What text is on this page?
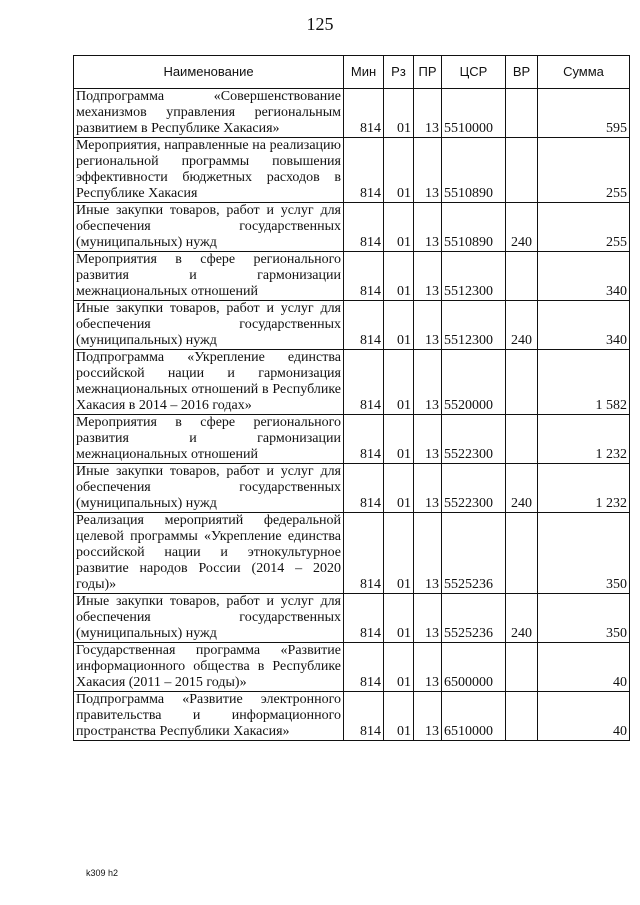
125
Наименование	Мин	Рз	ПР	ЦСР	ВР	Сумма
Подпрограмма «Совершенствование механизмов управления региональным развитием в Республике Хакасия»	814	01	13	5510000		595
Мероприятия, направленные на реализацию региональной программы повышения эффективности бюджетных расходов в Республике Хакасия	814	01	13	5510890		255
Иные закупки товаров, работ и услуг для обеспечения государственных (муниципальных) нужд	814	01	13	5510890	240	255
Мероприятия в сфере регионального развития и гармонизации межнациональных отношений	814	01	13	5512300		340
Иные закупки товаров, работ и услуг для обеспечения государственных (муниципальных) нужд	814	01	13	5512300	240	340
Подпрограмма «Укрепление единства российской нации и гармонизация межнациональных отношений в Республике Хакасия в 2014 – 2016 годах»	814	01	13	5520000		1 582
Мероприятия в сфере регионального развития и гармонизации межнациональных отношений	814	01	13	5522300		1 232
Иные закупки товаров, работ и услуг для обеспечения государственных (муниципальных) нужд	814	01	13	5522300	240	1 232
Реализация мероприятий федеральной целевой программы «Укрепление единства российской нации и этнокультурное развитие народов России (2014 – 2020 годы)»	814	01	13	5525236		350
Иные закупки товаров, работ и услуг для обеспечения государственных (муниципальных) нужд	814	01	13	5525236	240	350
Государственная программа «Развитие информационного общества в Республике Хакасия (2011 – 2015 годы)»	814	01	13	6500000		40
Подпрограмма «Развитие электронного правительства и информационного пространства Республики Хакасия»	814	01	13	6510000		40
k309 h2
